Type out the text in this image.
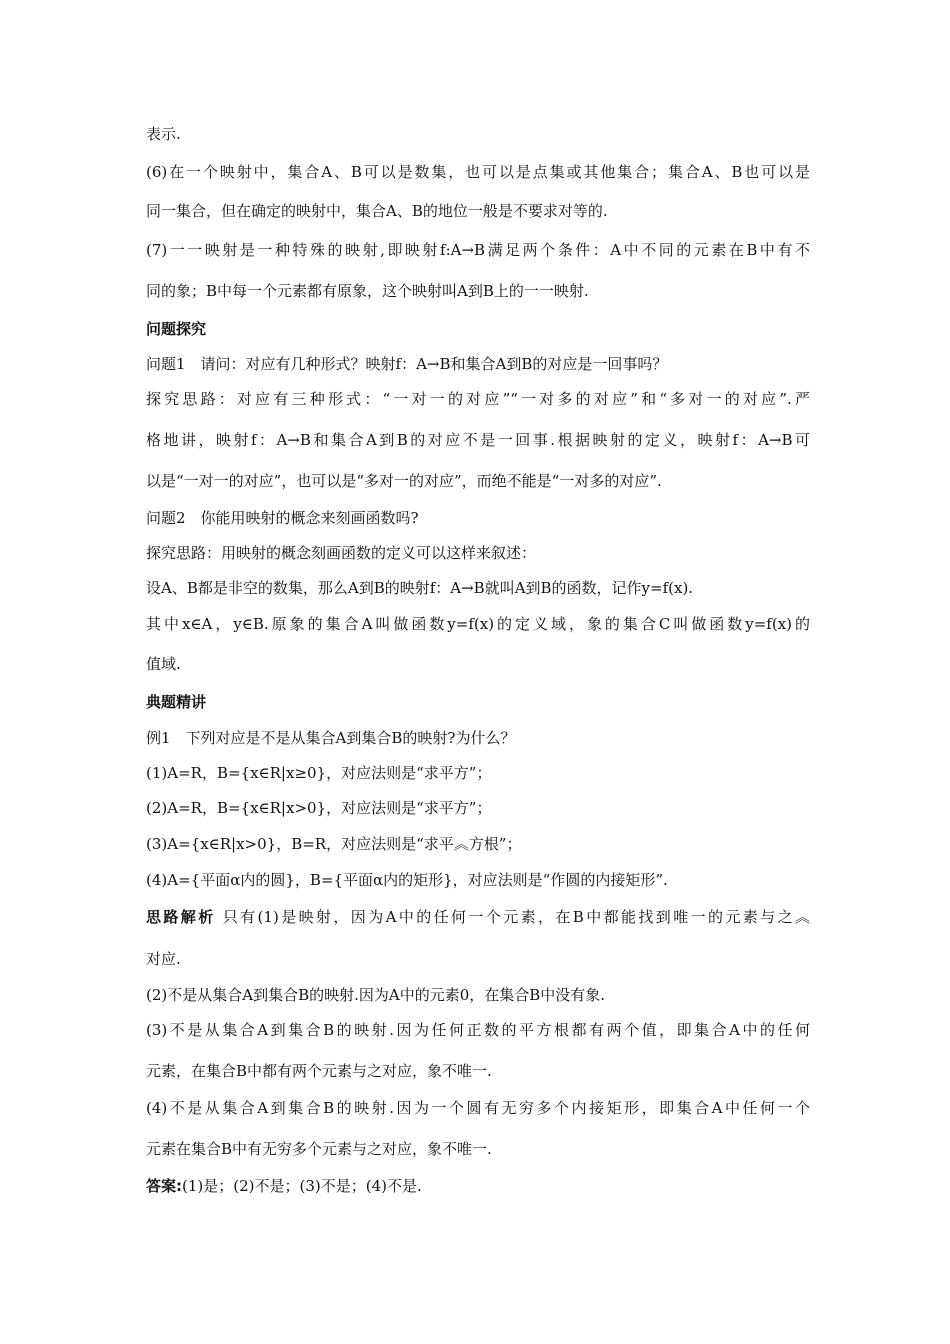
表示.

(6)在一个映射中，集合A、B可以是数集，也可以是点集或其他集合；集合A、B也可以是

同一集合，但在确定的映射中，集合A、B的地位一般是不要求对等的.

(7)一一映射是一种特殊的映射,即映射f:A→B满足两个条件：A中不同的元素在B中有不

同的象；B中每一个元素都有原象，这个映射叫A到B上的一一映射.

问题探究

问题1　请问：对应有几种形式？映射f：A→B和集合A到B的对应是一回事吗？

探究思路：对应有三种形式：“一对一的对应”“一对多的对应”和“多对一的对应”.严

格地讲，映射f：A→B和集合A到B的对应不是一回事.根据映射的定义，映射f：A→B可

以是“一对一的对应”，也可以是“多对一的对应”，而绝不能是“一对多的对应”.

问题2　你能用映射的概念来刻画函数吗?

探究思路：用映射的概念刻画函数的定义可以这样来叙述：

设A、B都是非空的数集，那么A到B的映射f：A→B就叫A到B的函数，记作y=f(x).

其中x∈A，y∈B.原象的集合A叫做函数y=f(x)的定义域，象的集合C叫做函数y=f(x)的

值域.

典题精讲

例1　下列对应是不是从集合A到集合B的映射?为什么？

(1)A=R，B={x∈R|x≥0}，对应法则是“求平方”；

(2)A=R，B={x∈R|x>0}，对应法则是“求平方”；

(3)A={x∈R|x>0}，B=R，对应法则是“求平︽方根”；

(4)A={平面α内的圆}，B={平面α内的矩形}，对应法则是“作圆的内接矩形”.

思路解析 只有(1)是映射，因为A中的任何一个元素，在B中都能找到唯一的元素与之︽

对应.

(2)不是从集合A到集合B的映射.因为A中的元素0，在集合B中没有象.

(3)不是从集合A到集合B的映射.因为任何正数的平方根都有两个值，即集合A中的任何

元素，在集合B中都有两个元素与之对应，象不唯一.

(4)不是从集合A到集合B的映射.因为一个圆有无穷多个内接矩形，即集合A中任何一个

元素在集合B中有无穷多个元素与之对应，象不唯一.

答案:(1)是；(2)不是；(3)不是；(4)不是.
